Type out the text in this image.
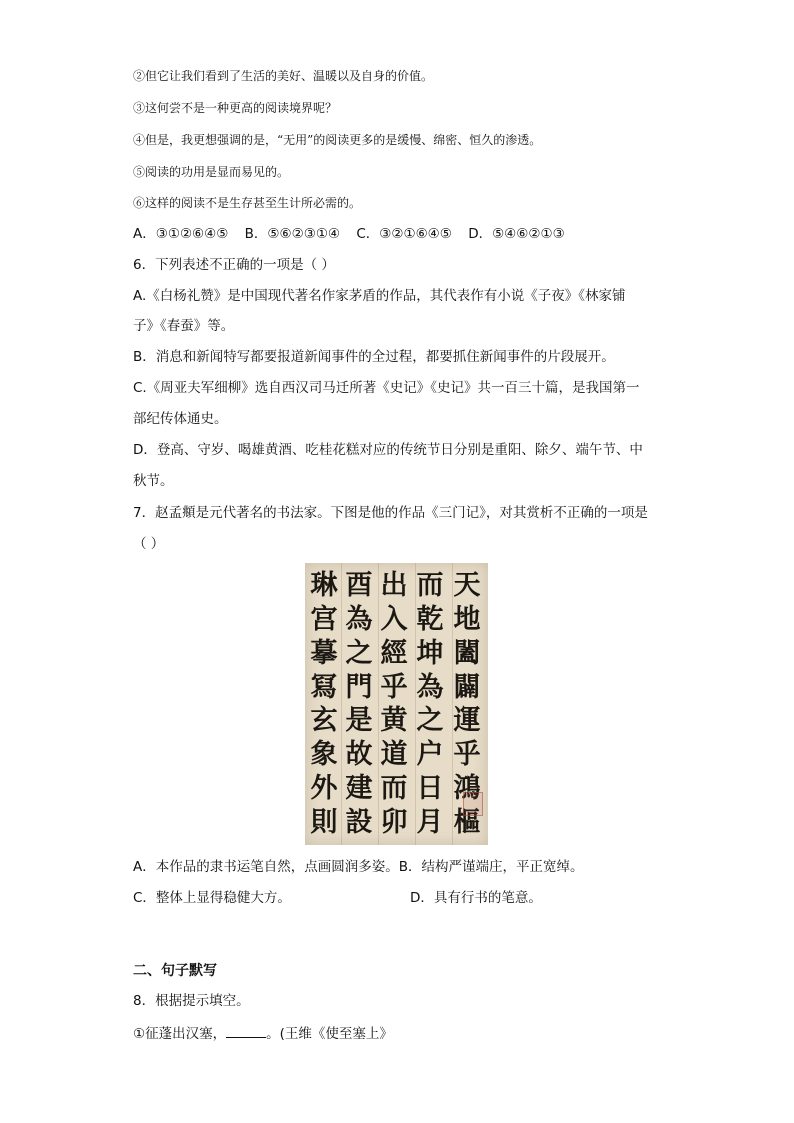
②但它让我们看到了生活的美好、温暖以及自身的价值。
③这何尝不是一种更高的阅读境界呢？
④但是，我更想强调的是，“无用”的阅读更多的是缓慢、绵密、恒久的渗透。
⑤阅读的功用是显而易见的。
⑥这样的阅读不是生存甚至生计所必需的。
A．③①②⑥④⑤ B．⑤⑥②③①④ C．③②①⑥④⑤ D．⑤④⑥②①③
6．下列表述不正确的一项是（ ）
A.《白杨礼赞》是中国现代著名作家茅盾的作品，其代表作有小说《子夜》《林家铺
子》《春蚕》等。
B．消息和新闻特写都要报道新闻事件的全过程，都要抓住新闻事件的片段展开。
C.《周亚夫军细柳》选自西汉司马迁所著《史记》《史记》共一百三十篇，是我国第一
部纪传体通史。
D．登高、守岁、喝雄黄酒、吃桂花糕对应的传统节日分别是重阳、除夕、端午节、中
秋节。
7．赵孟頫是元代著名的书法家。下图是他的作品《三门记》，对其赏析不正确的一项是
（ ）
天
地
闔
闢
運
乎
鴻
樞
而
乾
坤
為
之
户
日
月
出
入
經
乎
黄
道
而
卯
酉
為
之
門
是
故
建
設
琳
宫
摹
冩
玄
象
外
則
A．本作品的隶书运笔自然，点画圆润多姿。B．结构严谨端庄，平正宽绰。
C．整体上显得稳健大方。	D．具有行书的笔意。
二、句子默写
8．根据提示填空。
①征蓬出汉塞，	。(王维《使至塞上》
